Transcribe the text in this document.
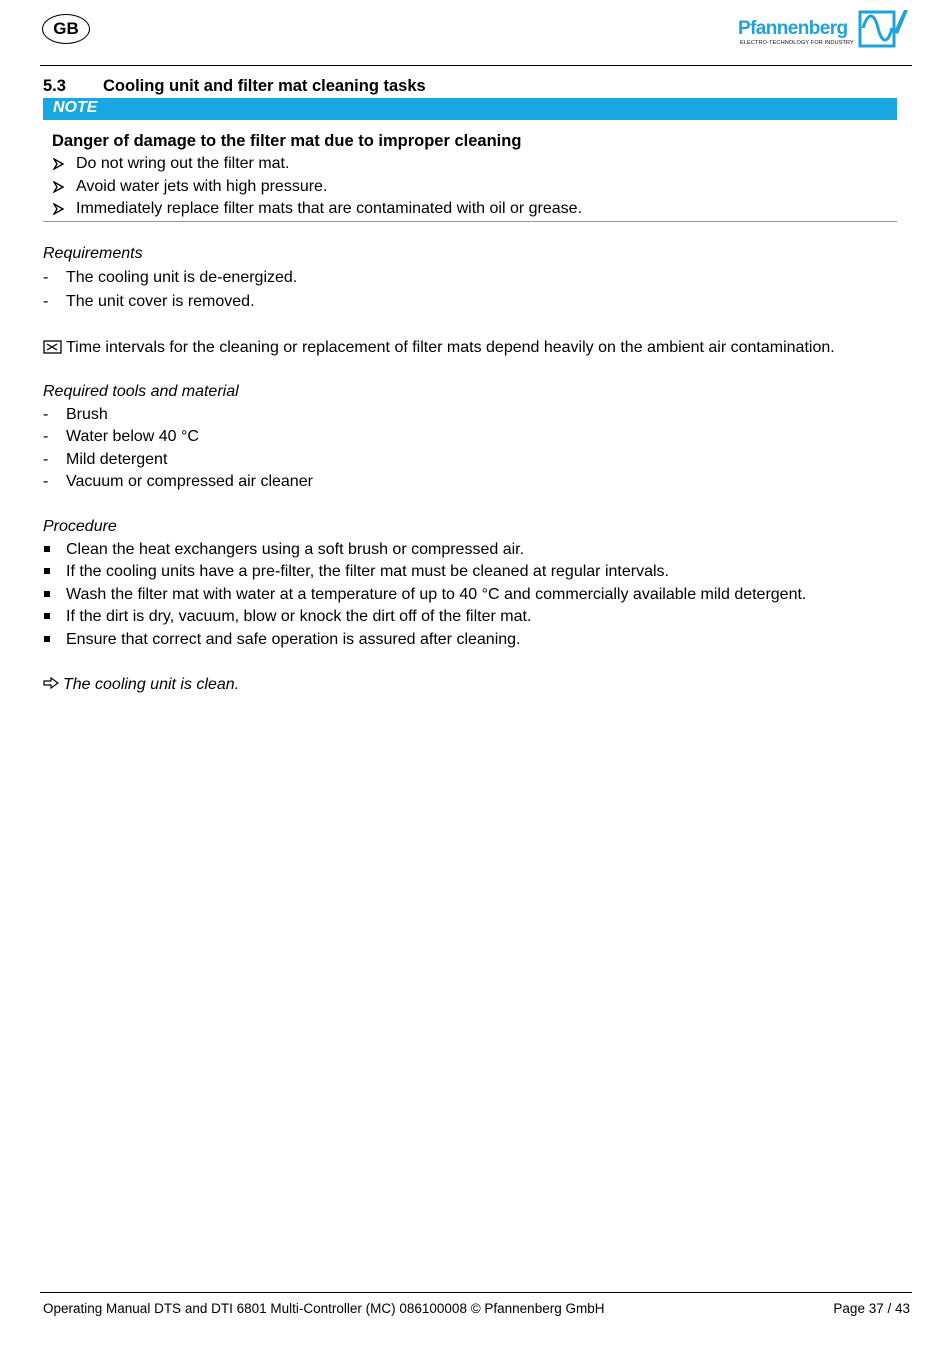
GB	Pfannenberg
ELECTRO-TECHNOLOGY FOR INDUSTRY
5.3 Cooling unit and filter mat cleaning tasks
NOTE
Danger of damage to the filter mat due to improper cleaning
Do not wring out the filter mat.
Avoid water jets with high pressure.
Immediately replace filter mats that are contaminated with oil or grease.
Requirements
- The cooling unit is de-energized.
- The unit cover is removed.
Time intervals for the cleaning or replacement of filter mats depend heavily on the ambient air contamination.
Required tools and material
- Brush
- Water below 40 °C
- Mild detergent
- Vacuum or compressed air cleaner
Procedure
Clean the heat exchangers using a soft brush or compressed air.
If the cooling units have a pre-filter, the filter mat must be cleaned at regular intervals.
Wash the filter mat with water at a temperature of up to 40 °C and commercially available mild detergent.
If the dirt is dry, vacuum, blow or knock the dirt off of the filter mat.
Ensure that correct and safe operation is assured after cleaning.
The cooling unit is clean.
Operating Manual DTS and DTI 6801 Multi-Controller (MC) 086100008 © Pfannenberg GmbH	Page 37 / 43
